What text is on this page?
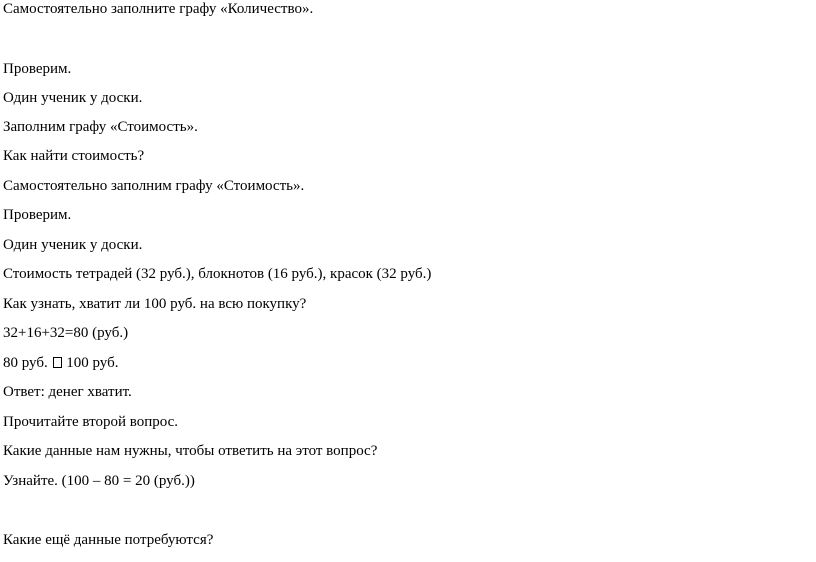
Самостоятельно заполните графу «Количество».
Проверим.
Один ученик у доски.
Заполним графу «Стоимость».
Как найти стоимость?
Самостоятельно заполним графу «Стоимость».
Проверим.
Один ученик у доски.
Стоимость тетрадей (32 руб.), блокнотов (16 руб.), красок (32 руб.)
Как узнать, хватит ли 100 руб. на всю покупку?
32+16+32=80 (руб.)
80 руб. 100 руб.
Ответ: денег хватит.
Прочитайте второй вопрос.
Какие данные нам нужны, чтобы ответить на этот вопрос?
Узнайте. (100 – 80 = 20 (руб.))
Какие ещё данные потребуются?
